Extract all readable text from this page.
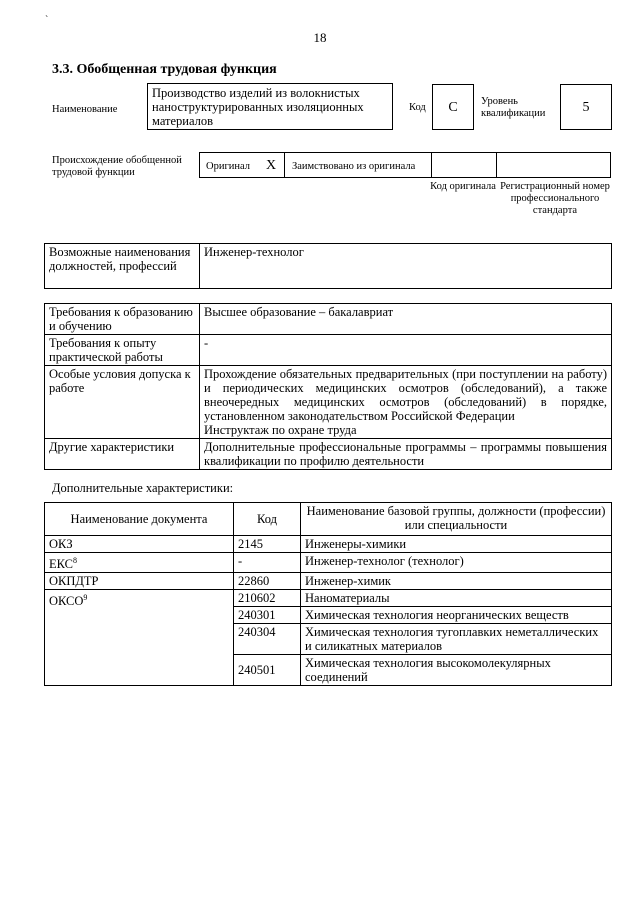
`
18
3.3. Обобщенная трудовая функция
Наименование
Производство изделий из волокнистых наноструктурированных изоляционных материалов
Код	C	Уровень квалификации	5
Происхождение обобщенной трудовой функции
Оригинал X Заимствовано из оригинала
Код оригинала Регистрационный номер профессионального стандарта
Возможные наименования должностей, профессий	Инженер-технолог
Требования к образованию и обучению	Высшее образование – бакалавриат
Требования к опыту практической работы	-
Особые условия допуска к работе	Прохождение обязательных предварительных (при поступлении на работу) и периодических медицинских осмотров (обследований), а также внеочередных медицинских осмотров (обследований) в порядке, установленном законодательством Российской Федерации
Инструктаж по охране труда

Другие характеристики	Дополнительные профессиональные программы – программы повышения квалификации по профилю деятельности
Дополнительные характеристики:
Наименование документа	Код	Наименование базовой группы, должности (профессии) или специальности
ОКЗ	2145	Инженеры-химики
ЕКС$^8$	-	Инженер-технолог (технолог)
ОКПДТР	22860	Инженер-химик
ОКСО$^9$	210602	Наноматериалы
	240301	Химическая технология неорганических веществ
	240304	Химическая технология тугоплавких неметаллических и силикатных материалов
	240501	Химическая технология высокомолекулярных соединений
